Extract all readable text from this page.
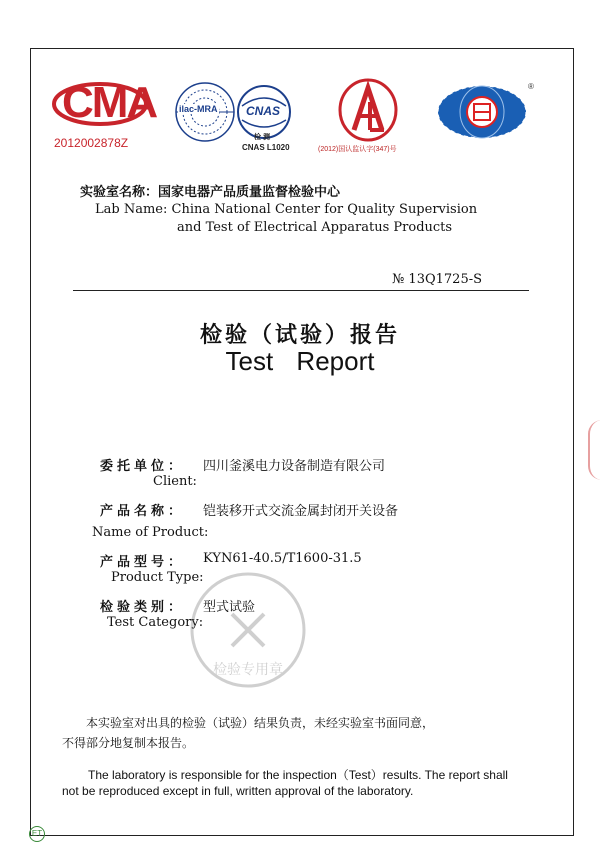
CMA
2012002878Z
ilac-MRA CNAS
检 测
CNAS L1020	(2012)国认监认字(347)号
®
实验室名称：国家电器产品质量监督检验中心
Lab Name: China National Center for Quality Supervision
and Test of Electrical Apparatus Products
№ 13Q1725-S
检验（试验）报告
Test Report
委托单位： 四川釜溪电力设备制造有限公司
Client:
产品名称： 铠装移开式交流金属封闭开关设备
Name of Product:
产品型号： KYN61-40.5/T1600-31.5
Product Type:
检验类别： 型式试验
Test Category:
检验专用章
本实验室对出具的检验（试验）结果负责，未经实验室书面同意，
不得部分地复制本报告。
The laboratory is responsible for the inspection（Test）results. The report shall
not be reproduced except in full, written approval of the laboratory.
ET
